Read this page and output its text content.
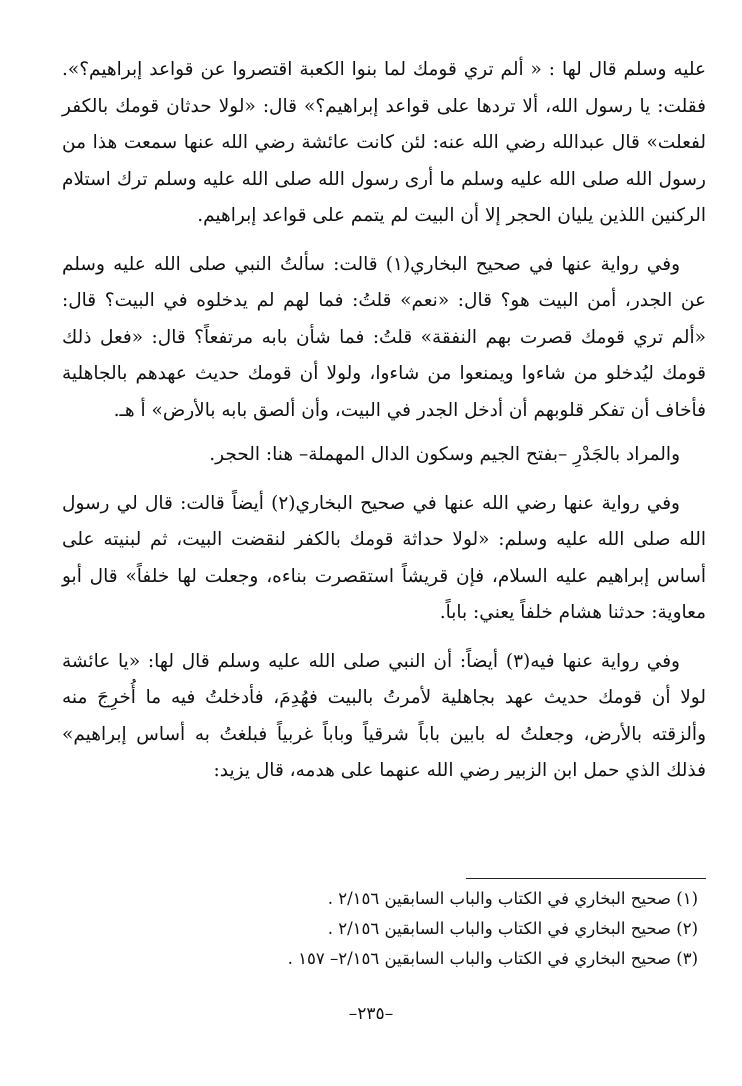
عليه وسلم قال لها : « ألم تري قومك لما بنوا الكعبة اقتصروا عن قواعد إبراهيم؟». فقلت: يا رسول الله، ألا تردها على قواعد إبراهيم؟» قال: «لولا حدثان قومك بالكفر لفعلت» قال عبدالله رضي الله عنه: لئن كانت عائشة رضي الله عنها سمعت هذا من رسول الله صلى الله عليه وسلم ما أرى رسول الله صلى الله عليه وسلم ترك استلام الركنين اللذين يليان الحجر إلا أن البيت لم يتمم على قواعد إبراهيم.

وفي رواية عنها في صحيح البخاري(١) قالت: سألتُ النبي صلى الله عليه وسلم عن الجدر، أمن البيت هو؟ قال: «نعم» قلتُ: فما لهم لم يدخلوه في البيت؟ قال: «ألم تري قومك قصرت بهم النفقة» قلتُ: فما شأن بابه مرتفعاً؟ قال: «فعل ذلك قومك ليُدخلو من شاءوا ويمنعوا من شاءوا، ولولا أن قومك حديث عهدهم بالجاهلية فأخاف أن تفكر قلوبهم أن أدخل الجدر في البيت، وأن ألصق بابه بالأرض» أ هـ.

والمراد بالجَدْرِ –بفتح الجيم وسكون الدال المهملة– هنا: الحجر.

وفي رواية عنها رضي الله عنها في صحيح البخاري(٢) أيضاً قالت: قال لي رسول الله صلى الله عليه وسلم: «لولا حداثة قومك بالكفر لنقضت البيت، ثم لبنيته على أساس إبراهيم عليه السلام، فإن قريشاً استقصرت بناءه، وجعلت لها خلفاً» قال أبو معاوية: حدثنا هشام خلفاً يعني: باباً.

وفي رواية عنها فيه(٣) أيضاً: أن النبي صلى الله عليه وسلم قال لها: «يا عائشة لولا أن قومك حديث عهد بجاهلية لأمرتُ بالبيت فهُدِمَ، فأدخلتُ فيه ما أُخرِجَ منه وألزقته بالأرض، وجعلتُ له بابين باباً شرقياً وباباً غربياً فبلغتُ به أساس إبراهيم» فذلك الذي حمل ابن الزبير رضي الله عنهما على هدمه، قال يزيد:

(١) صحيح البخاري في الكتاب والباب السابقين ٢/١٥٦ .

(٢) صحيح البخاري في الكتاب والباب السابقين ٢/١٥٦ .

(٣) صحيح البخاري في الكتاب والباب السابقين ٢/١٥٦– ١٥٧ .

–٢٣٥–
